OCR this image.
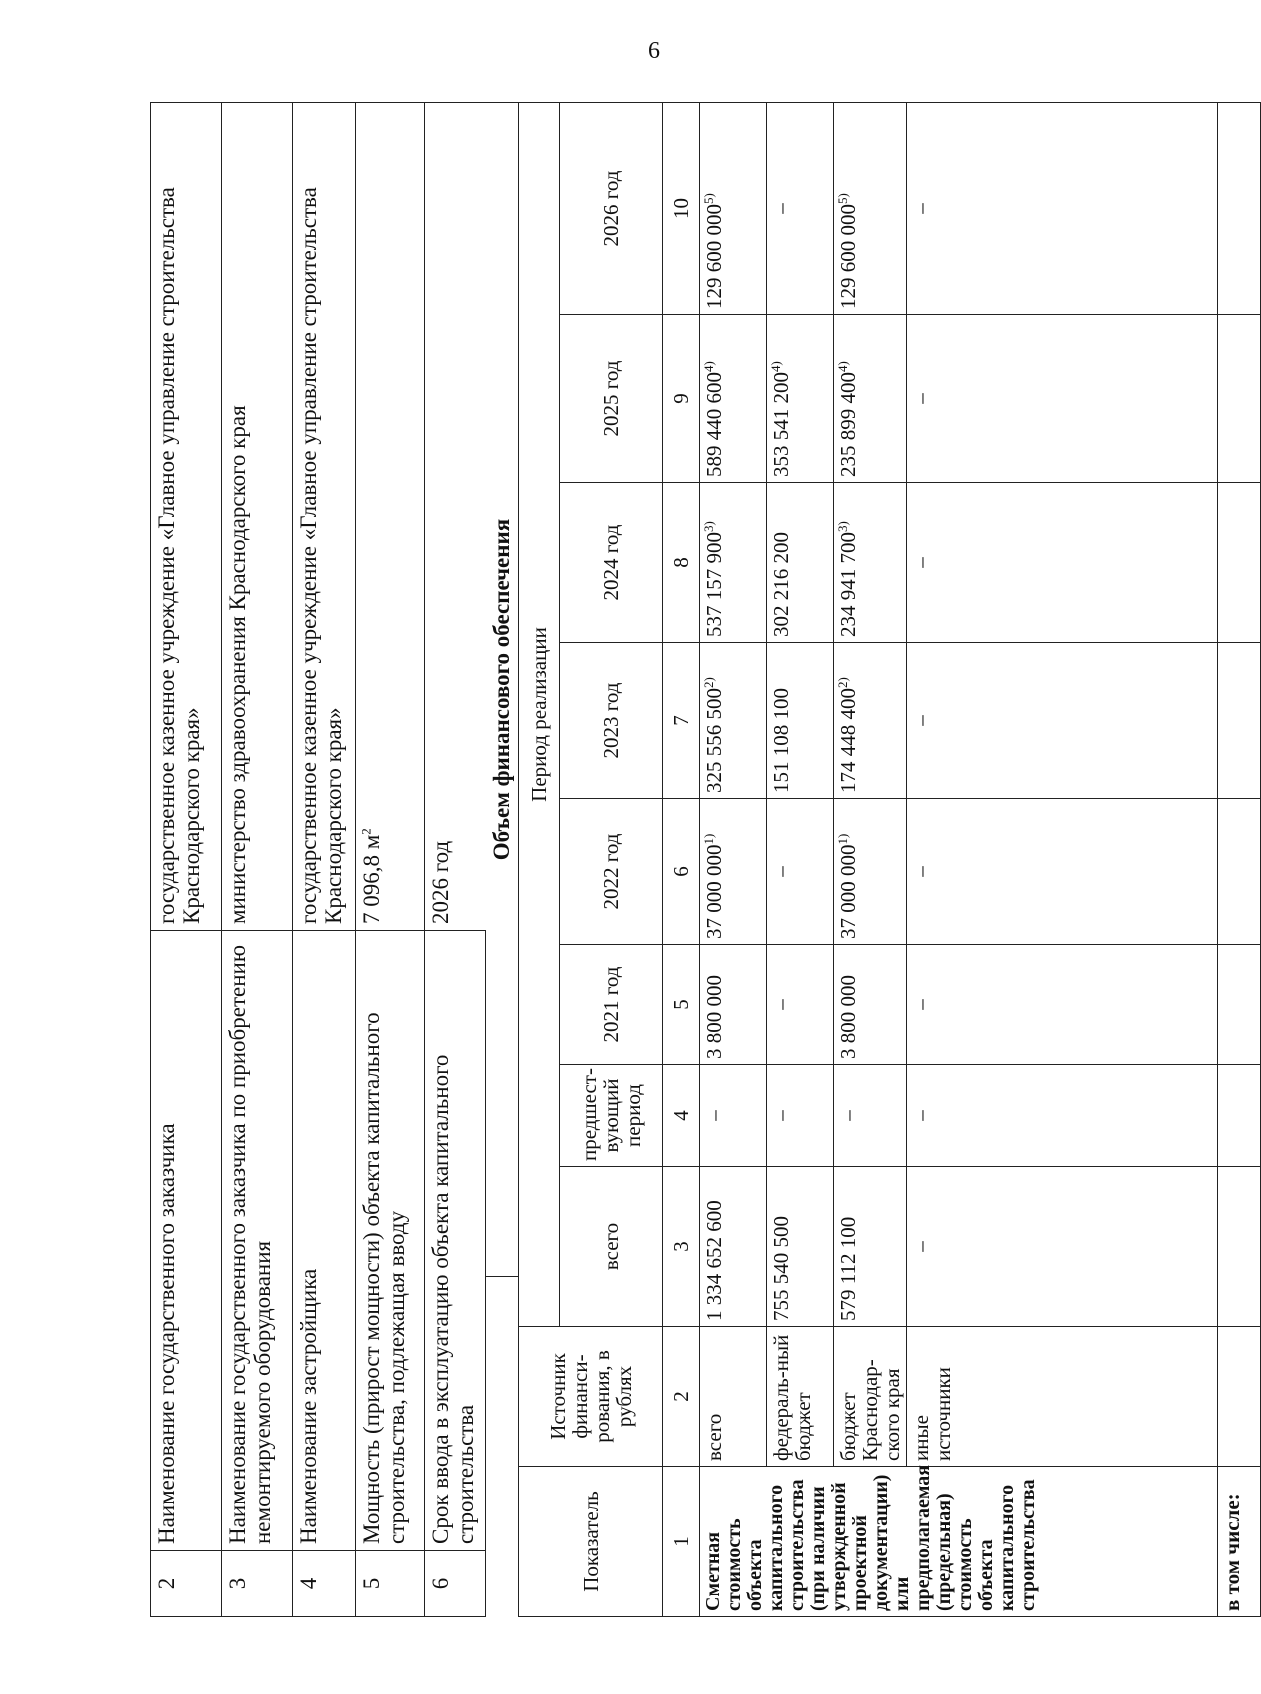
6
2	Наименование государственного заказчика	государственное казенное учреждение «Главное управление строительства Краснодарского края»
3	Наименование государственного заказчика по приобретению немонтируемого оборудования	министерство здравоохранения Краснодарского края
4	Наименование застройщика	государственное казенное учреждение «Главное управление строительства Краснодарского края»
5	Мощность (прирост мощности) объекта капитального строительства, подлежащая вводу	7 096,8 $м^2$
6	Срок ввода в эксплуатацию объекта капитального строительства	2026 год
Объем финансового обеспечения
Показатель	Источник финанси-рования, в рублях	Период реализации							
		всего	предшест-вующий период	2021 год	2022 год	2023 год	2024 год	2025 год	2026 год
1	2	3	4	5	6	7	8	9	10
Сметная стоимость объекта капитального строительства (при наличии утвержденной проектной документации) или предполагаемая (предельная) стоимость объекта капитального строительства	всего	1 334 652 600	–	3 800 000	37 000 000$^{1)}$	325 556 500$^{2)}$	537 157 900$^{3)}$	589 440 600$^{4)}$	129 600 000$^{5)}$
	федераль-ный бюджет	755 540 500	–	–	–	151 108 100	302 216 200	353 541 200$^{4)}$	–
	бюджет Краснодар-ского края	579 112 100	–	3 800 000	37 000 000$^{1)}$	174 448 400$^{2)}$	234 941 700$^{3)}$	235 899 400$^{4)}$	129 600 000$^{5)}$
	иные источники	–	–	–	–	–	–	–	–
в том числе:									
